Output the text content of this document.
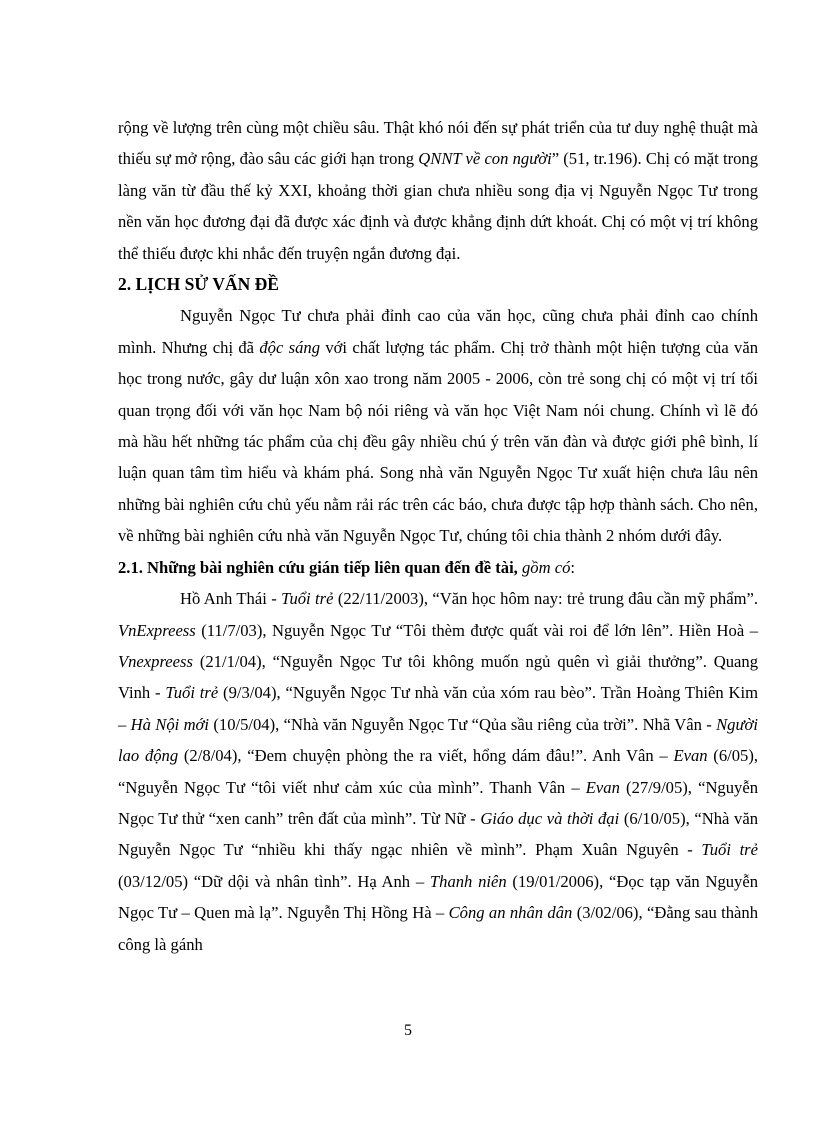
rộng về lượng trên cùng một chiều sâu. Thật khó nói đến sự phát triển của tư duy nghệ thuật mà thiếu sự mở rộng, đào sâu các giới hạn trong QNNT về con người” (51, tr.196). Chị có mặt trong làng văn từ đầu thế kỷ XXI, khoảng thời gian chưa nhiều song địa vị Nguyễn Ngọc Tư trong nền văn học đương đại đã được xác định và được khẳng định dứt khoát. Chị có một vị trí không thể thiếu được khi nhắc đến truyện ngắn đương đại.

2. LỊCH SỬ VẤN ĐỀ

Nguyễn Ngọc Tư chưa phải đỉnh cao của văn học, cũng chưa phải đỉnh cao chính mình. Nhưng chị đã độc sáng với chất lượng tác phẩm. Chị trở thành một hiện tượng của văn học trong nước, gây dư luận xôn xao trong năm 2005 - 2006, còn trẻ song chị có một vị trí tối quan trọng đối với văn học Nam bộ nói riêng và văn học Việt Nam nói chung. Chính vì lẽ đó mà hầu hết những tác phẩm của chị đều gây nhiều chú ý trên văn đàn và được giới phê bình, lí luận quan tâm tìm hiểu và khám phá. Song nhà văn Nguyễn Ngọc Tư xuất hiện chưa lâu nên những bài nghiên cứu chủ yếu nằm rải rác trên các báo, chưa được tập hợp thành sách. Cho nên, về những bài nghiên cứu nhà văn Nguyễn Ngọc Tư, chúng tôi chia thành 2 nhóm dưới đây.

2.1. Những bài nghiên cứu gián tiếp liên quan đến đề tài, gồm có:

Hồ Anh Thái - Tuổi trẻ (22/11/2003), “Văn học hôm nay: trẻ trung đâu cần mỹ phẩm”. VnExpreess (11/7/03), Nguyễn Ngọc Tư “Tôi thèm được quất vài roi để lớn lên”. Hiền Hoà – Vnexpreess (21/1/04), “Nguyễn Ngọc Tư tôi không muốn ngủ quên vì giải thưởng”. Quang Vinh - Tuổi trẻ (9/3/04), “Nguyễn Ngọc Tư nhà văn của xóm rau bèo”. Trần Hoàng Thiên Kim – Hà Nội mới (10/5/04), “Nhà văn Nguyễn Ngọc Tư “Qủa sầu riêng của trời”. Nhã Vân - Người lao động (2/8/04), “Đem chuyện phòng the ra viết, hổng dám đâu!”. Anh Vân – Evan (6/05), “Nguyễn Ngọc Tư “tôi viết như cảm xúc của mình”. Thanh Vân – Evan (27/9/05), “Nguyễn Ngọc Tư thử “xen canh” trên đất của mình”. Từ Nữ - Giáo dục và thời đại (6/10/05), “Nhà văn Nguyễn Ngọc Tư “nhiều khi thấy ngạc nhiên về mình”. Phạm Xuân Nguyên - Tuổi trẻ (03/12/05) “Dữ dội và nhân tình”. Hạ Anh – Thanh niên (19/01/2006), “Đọc tạp văn Nguyễn Ngọc Tư – Quen mà lạ”. Nguyễn Thị Hồng Hà – Công an nhân dân (3/02/06), “Đằng sau thành công là gánh

5
